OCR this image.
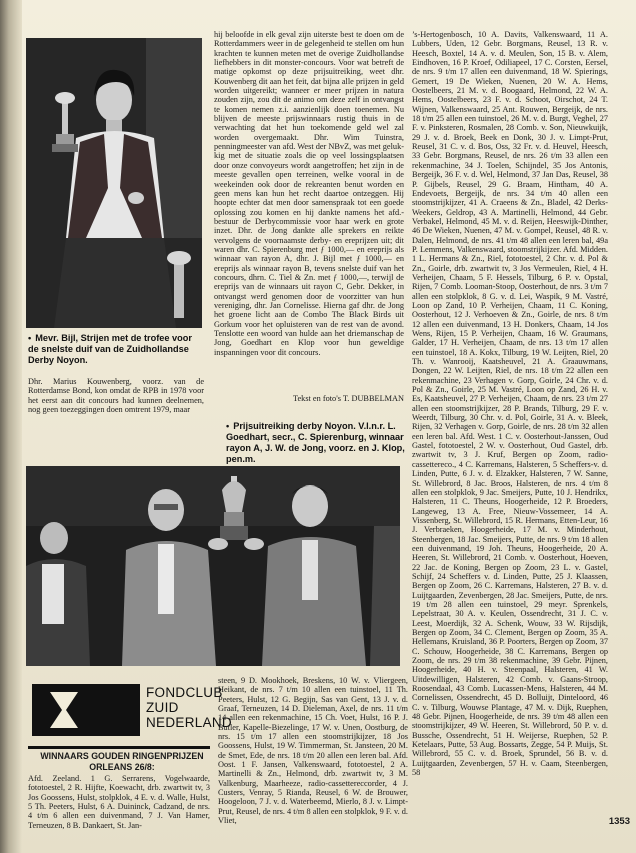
• Mevr. Bijl, Strijen met de trofee voor de snelste duif van de Zuidhollandse Derby Noyon.

Dhr. Marius Kouwenberg, voorz. van de Rotterdamse Bond, kon omdat de RPB in 1978 voor het eerst aan dit concours had kunnen deelnemen, nog geen toezeggingen doen omtrent 1979, maar

hij beloofde in elk geval zijn uiterste best te doen om de Rotterdammers weer in de gelegenheid te stellen om hun krachten te kunnen meten met de overige Zuidhollandse liefhebbers in dit monster-concours. Voor wat betreft de matige opkomst op deze prijsuitreiking, weet dhr. Kouwenberg dit aan het feit, dat bijna alle prijzen in geld worden uitgereikt; wanneer er meer prijzen in natura zouden zijn, zou dit de animo om deze zelf in ontvangst te komen nemen z.i. aanzienlijk doen toenemen. Nu blijven de meeste prijswinnaars rustig thuis in de verwachting dat het hun toekomende geld wel zal worden overgemaakt. Dhr. Wim Tuinstra, penningmeester van afd. West der NBvZ, was met gelukkig met de situatie zoals die op veel lossingsplaatsen door onze convoyeurs wordt aangetroffen; het zijn in de meeste gevallen open terreinen, welke vooral in de weekeinden ook door de rekreanten benut worden en geen mens kan hun het recht daartoe ontzeggen. Hij hoopte echter dat men door samenspraak tot een goede oplossing zou komen en hij dankte namens het afd.-bestuur de Derbycommissie voor haar werk en grote inzet. Dhr. de Jong dankte alle sprekers en reikte vervolgens de voornaamste derby- en ereprijzen uit; dit waren dhr. C. Spierenburg met ƒ 1000,— en ereprijs als winnaar van rayon A, dhr. J. Bijl met ƒ 1000,— en ereprijs als winnaar rayon B, tevens snelste duif van het concours, dhrn. C. Tiel & Zn. met ƒ 1000,—, terwijl de ereprijs van de winnaars uit rayon C, Gebr. Dekker, in ontvangst werd genomen door de voorzitter van hun vereniging, dhr. Jan Cornelisse. Hierna gaf dhr. de Jong het groene licht aan de Combo The Black Birds uit Gorkum voor het opluisteren van de rest van de avond. Tenslotte een woord van hulde aan het driemanschap de Jong, Goedhart en Klop voor hun geweldige inspanningen voor dit concours.

Tekst en foto's T. DUBBELMAN

• Prijsuitreiking derby Noyon. V.l.n.r. L. Goedhart, secr., C. Spierenburg, winnaar rayon A, J. W. de Jong, voorz. en J. Klop, pen.m.
FONDCLUB
ZUID
NEDERLAND
WINNAARS GOUDEN RINGENPRIJZEN ORLEANS 26/8:

Afd. Zeeland. 1 G. Serrarens, Vogelwaarde, fototoestel, 2 R. Hijfte, Koewacht, drb. zwartwit tv, 3 Jos Goossens, Hulst, stolpklok, 4 E. v. d. Walle, Hulst, 5 Th. Peeters, Hulst, 6 A. Duininck, Cadzand, de nrs. 4 t/m 6 allen een duivenmand, 7 J. Van Hamer, Terneuzen, 8 B. Dankaert, St. Jan-

steen, 9 D. Mookhoek, Breskens, 10 W. v. Vliergeen, Heikant, de nrs. 7 t/m 10 allen een tuinstoel, 11 Th. Peeters, Hulst, 12 G. Begijn, Sas van Gent, 13 J. v. d. Graaf, Terneuzen, 14 D. Dieleman, Axel, de nrs. 11 t/m 14 allen een rekenmachine, 15 Ch. Voet, Hulst, 16 P. J. Butler, Kapelle-Biezelinge, 17 W. v. Unen, Oostburg, de nrs. 15 t/m 17 allen een stoomstrijkijzer, 18 Jos Goossens, Hulst, 19 W. Timmerman, St. Jansteen, 20 M. de Smet, Ede, de nrs. 18 t/m 20 allen een leren bal. Afd. Oost. 1 F. Jansen, Valkenswaard, fototoestel, 2 A. Martinelli & Zn., Helmond, drb. zwartwit tv, 3 M. Valkenburg, Maarheeze, radio-cassettereccorder, 4 J. Custers, Venray, 5 Rianda, Reusel, 6 W. de Brouwer, Hoogeloon, 7 J. v. d. Waterbeemd, Mierlo, 8 J. v. Limpt-Prut, Reusel, de nrs. 4 t/m 8 allen een stolpklok, 9 F. v. d. Vliet,

’s-Hertogenbosch, 10 A. Davits, Valkenswaard, 11 A. Lubbers, Uden, 12 Gebr. Borgmans, Reusel, 13 R. v. Heesch, Boxtel, 14 A. v. d. Meulen, Son, 15 B. v. Alem, Eindhoven, 16 P. Kroef, Odiliapeel, 17 C. Corsten, Eersel, de nrs. 9 t/m 17 allen een duivenmand, 18 W. Spierings, Gemert, 19 De Wieken, Nuenen, 20 W. A. Hems, Oostelbeers, 21 M. v. d. Boogaard, Helmond, 22 W. A. Hems, Oostelbeers, 23 F. v. d. Schoot, Oirschot, 24 T. Wijnen, Valkenswaard, 25 Ant. Rouwen, Bergeijk, de nrs. 18 t/m 25 allen een tuinstoel, 26 M. v. d. Burgt, Veghel, 27 F. v. Pinksteren, Rosmalen, 28 Comb. v. Son, Nieuwkuijk, 29 J. v. d. Broek, Beek en Donk, 30 J. v. Limpt-Prut, Reusel, 31 C. v. d. Bos, Oss, 32 Fr. v. d. Heuvel, Heesch, 33 Gebr. Borgmans, Reusel, de nrs. 26 t/m 33 allen een rekenmachine, 34 J. Toelen, Schijndel, 35 Jos Antonis, Bergeijk, 36 F. v. d. Wel, Helmond, 37 Jan Das, Reusel, 38 P. Gijbels, Reusel, 29 G. Braam, Hintham, 40 A. Endevoets, Bergeijk, de nrs. 34 t/m 40 allen een stoomstrijkijzer, 41 A. Craeens & Zn., Bladel, 42 Derks-Weekers, Geldrop, 43 A. Martinelli, Helmond, 44 Gebr. Verbakel, Helmond, 45 M. v. d. Reijen, Heeswijk-Dinther, 46 De Wieken, Nuenen, 47 M. v. Gompel, Reusel, 48 R. v. Dalen, Helmond, de nrs. 41 t/m 48 allen een leren bal, 49a P. Lemmens, Valkenswaard, stoomstrijkijzer. Afd. Midden. 1 L. Hermans & Zn., Riel, fototoestel, 2 Chr. v. d. Pol & Zn., Goirle, drb. zwartwit tv, 3 Jos Vermeulen, Riel, 4 H. Verheijen, Chaam, 5 F. Hessels, Tilburg, 6 P. v. Opstal, Rijen, 7 Comb. Looman-Stoop, Oosterhout, de nrs. 3 t/m 7 allen een stolpklok, 8 G. v. d. Lei, Waspik, 9 M. Vastré, Loon op Zand, 10 P. Verheijen, Chaam, 11 C. Koning, Oosterhout, 12 J. Verhoeven & Zn., Goirle, de nrs. 8 t/m 12 allen een duivenmand, 13 H. Donkers, Chaam, 14 Jos Wens, Rijen, 15 P. Verheijen, Chaam, 16 W. Graumans, Galder, 17 H. Verheijen, Chaam, de nrs. 13 t/m 17 allen een tuinstoel, 18 A. Kokx, Tilburg, 19 W. Leijten, Riel, 20 Th. v. Wanrooij, Kaatsheuvel, 21 A. Graauwmans, Dongen, 22 W. Leijten, Riel, de nrs. 18 t/m 22 allen een rekenmachine, 23 Verhagen v. Gorp, Goirle, 24 Chr. v. d. Pol & Zn., Goirle, 25 M. Vastré, Loon op Zand, 26 H. v. Es, Kaatsheuvel, 27 P. Verheijen, Chaam, de nrs. 23 t/m 27 allen een stoomstrijkijzer, 28 P. Brands, Tilburg, 29 F. v. Weerdt, Tilburg, 30 Chr. v. d. Pol, Goirle, 31 A. v. Bleek, Rijen, 32 Verhagen v. Gorp, Goirle, de nrs. 28 t/m 32 allen een leren bal. Afd. West. 1 C. v. Oosterhout-Janssen, Oud Gastel, fototoestel, 2 W. v. Oosterhout, Oud Gastel, drb. zwartwit tv, 3 J. Kruf, Bergen op Zoom, radio-cassettereco., 4 C. Karremans, Halsteren, 5 Scheffers-v. d. Linden, Putte, 6 J. v. d. Elzakker, Halsteren, 7 W. Sanne, St. Willebrord, 8 Jac. Broos, Halsteren, de nrs. 4 t/m 8 allen een stolpklok, 9 Jac. Smeijers, Putte, 10 J. Hendrikx, Halsteren, 11 C. Theuns, Hoogerheide, 12 P. Broeders, Langeweg, 13 A. Free, Nieuw-Vossemeer, 14 A. Vissenberg, St. Willebrord, 15 R. Hermans, Etten-Leur, 16 J. Verbraeken, Hoogerheide, 17 M. v. Minderhout, Steenbergen, 18 Jac. Smeijers, Putte, de nrs. 9 t/m 18 allen een duivenmand, 19 Joh. Theuns, Hoogerheide, 20 A. Heeren, St. Willebrord, 21 Comb. v. Oosterhout, Hoeven, 22 Jac. de Koning, Bergen op Zoom, 23 L. v. Gastel, Schijf, 24 Scheffers v. d. Linden, Putte, 25 J. Klaassen, Bergen op Zoom, 26 C. Karremans, Halsteren, 27 B. v. d. Luijtgaarden, Zevenbergen, 28 Jac. Smeijers, Putte, de nrs. 19 t/m 28 allen een tuinstoel, 29 meyr. Sprenkels, Lepelstraat, 30 A. v. Keulen, Ossendrecht, 31 J. C. v. Leest, Moerdijk, 32 A. Schenk, Wouw, 33 W. Rijsdijk, Bergen op Zoom, 34 C. Clement, Bergen op Zoom, 35 A. Hellemans, Kruisland, 36 P. Poorters, Bergen op Zoom, 37 C. Schouw, Hoogerheide, 38 C. Karremans, Bergen op Zoom, de nrs. 29 t/m 38 rekenmachine, 39 Gebr. Pijnen, Hoogerheide, 40 H. v. Steenpaal, Halsteren, 41 W. Uitdewilligen, Halsteren, 42 Comb. v. Gaans-Stroop, Roosendaal, 43 Comb. Lucassen-Mens, Halsteren, 44 M. Cornelissen, Ossendrecht, 45 D. Bolluijt, Dinteloord, 46 C. v. Tilburg, Wouwse Plantage, 47 M. v. Dijk, Ruephen, 48 Gebr. Pijnen, Hoogerheide, de nrs. 39 t/m 48 allen een stoomstrijkijzer, 49 W. Heeren, St. Willebrord, 50 P. v. d. Bussche, Ossendrecht, 51 H. Weijerse, Ruephen, 52 P. Ketelaars, Putte, 53 Aug. Bossarts, Zegge, 54 P. Muijs, St. Willebrord, 55 C. v. d. Broek, Sprundel, 56 B. v. d. Luijtgaarden, Zevenbergen, 57 H. v. Caam, Steenbergen, 58

1353
